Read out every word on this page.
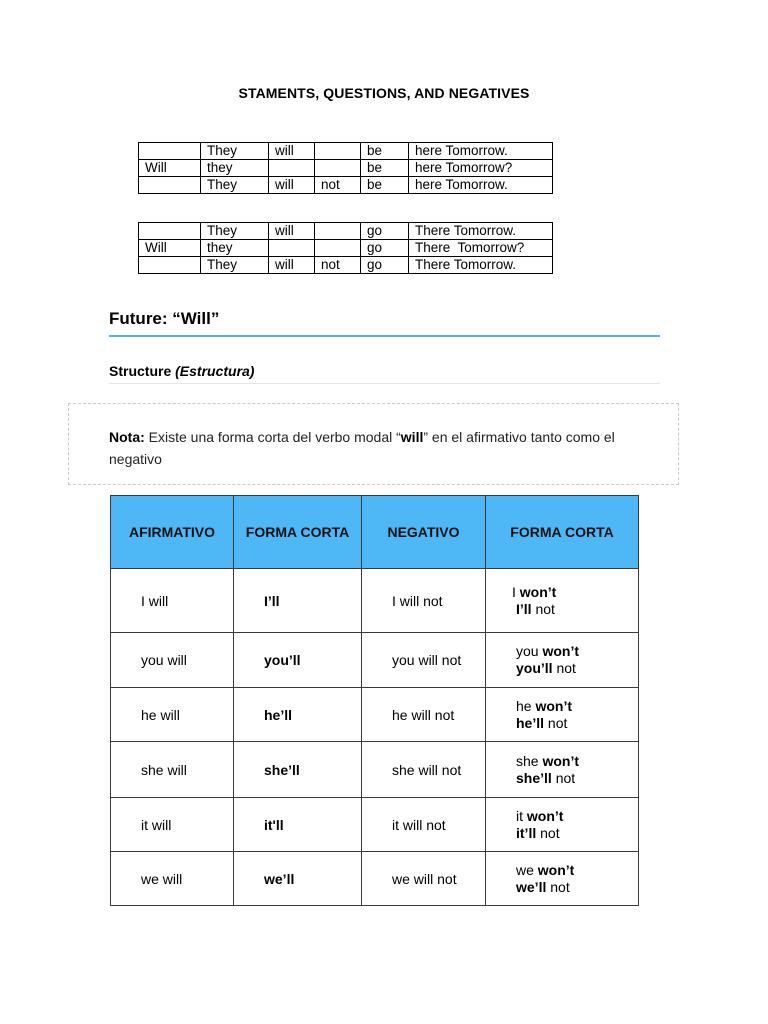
STAMENTS, QUESTIONS, AND NEGATIVES
	They	will		be	here Tomorrow.
Will	they			be	here Tomorrow?
	They	will	not	be	here Tomorrow.
	They	will		go	There Tomorrow.
Will	they			go	There  Tomorrow?
	They	will	not	go	There Tomorrow.
Future: “Will”
Structure (Estructura)
Nota: Existe una forma corta del verbo modal “will” en el afirmativo tanto como el negativo
AFIRMATIVO	FORMA CORTA	NEGATIVO	FORMA CORTA
I will	I’ll	I will not	I won’t
I’ll not

you will	you’ll	you will not	you won’t
you’ll not

he will	he’ll	he will not	he won’t
he’ll not

she will	she’ll	she will not	she won’t
she’ll not

it will	it'll	it will not	it won’t
it’ll not

we will	we’ll	we will not	we won’t
we’ll not
